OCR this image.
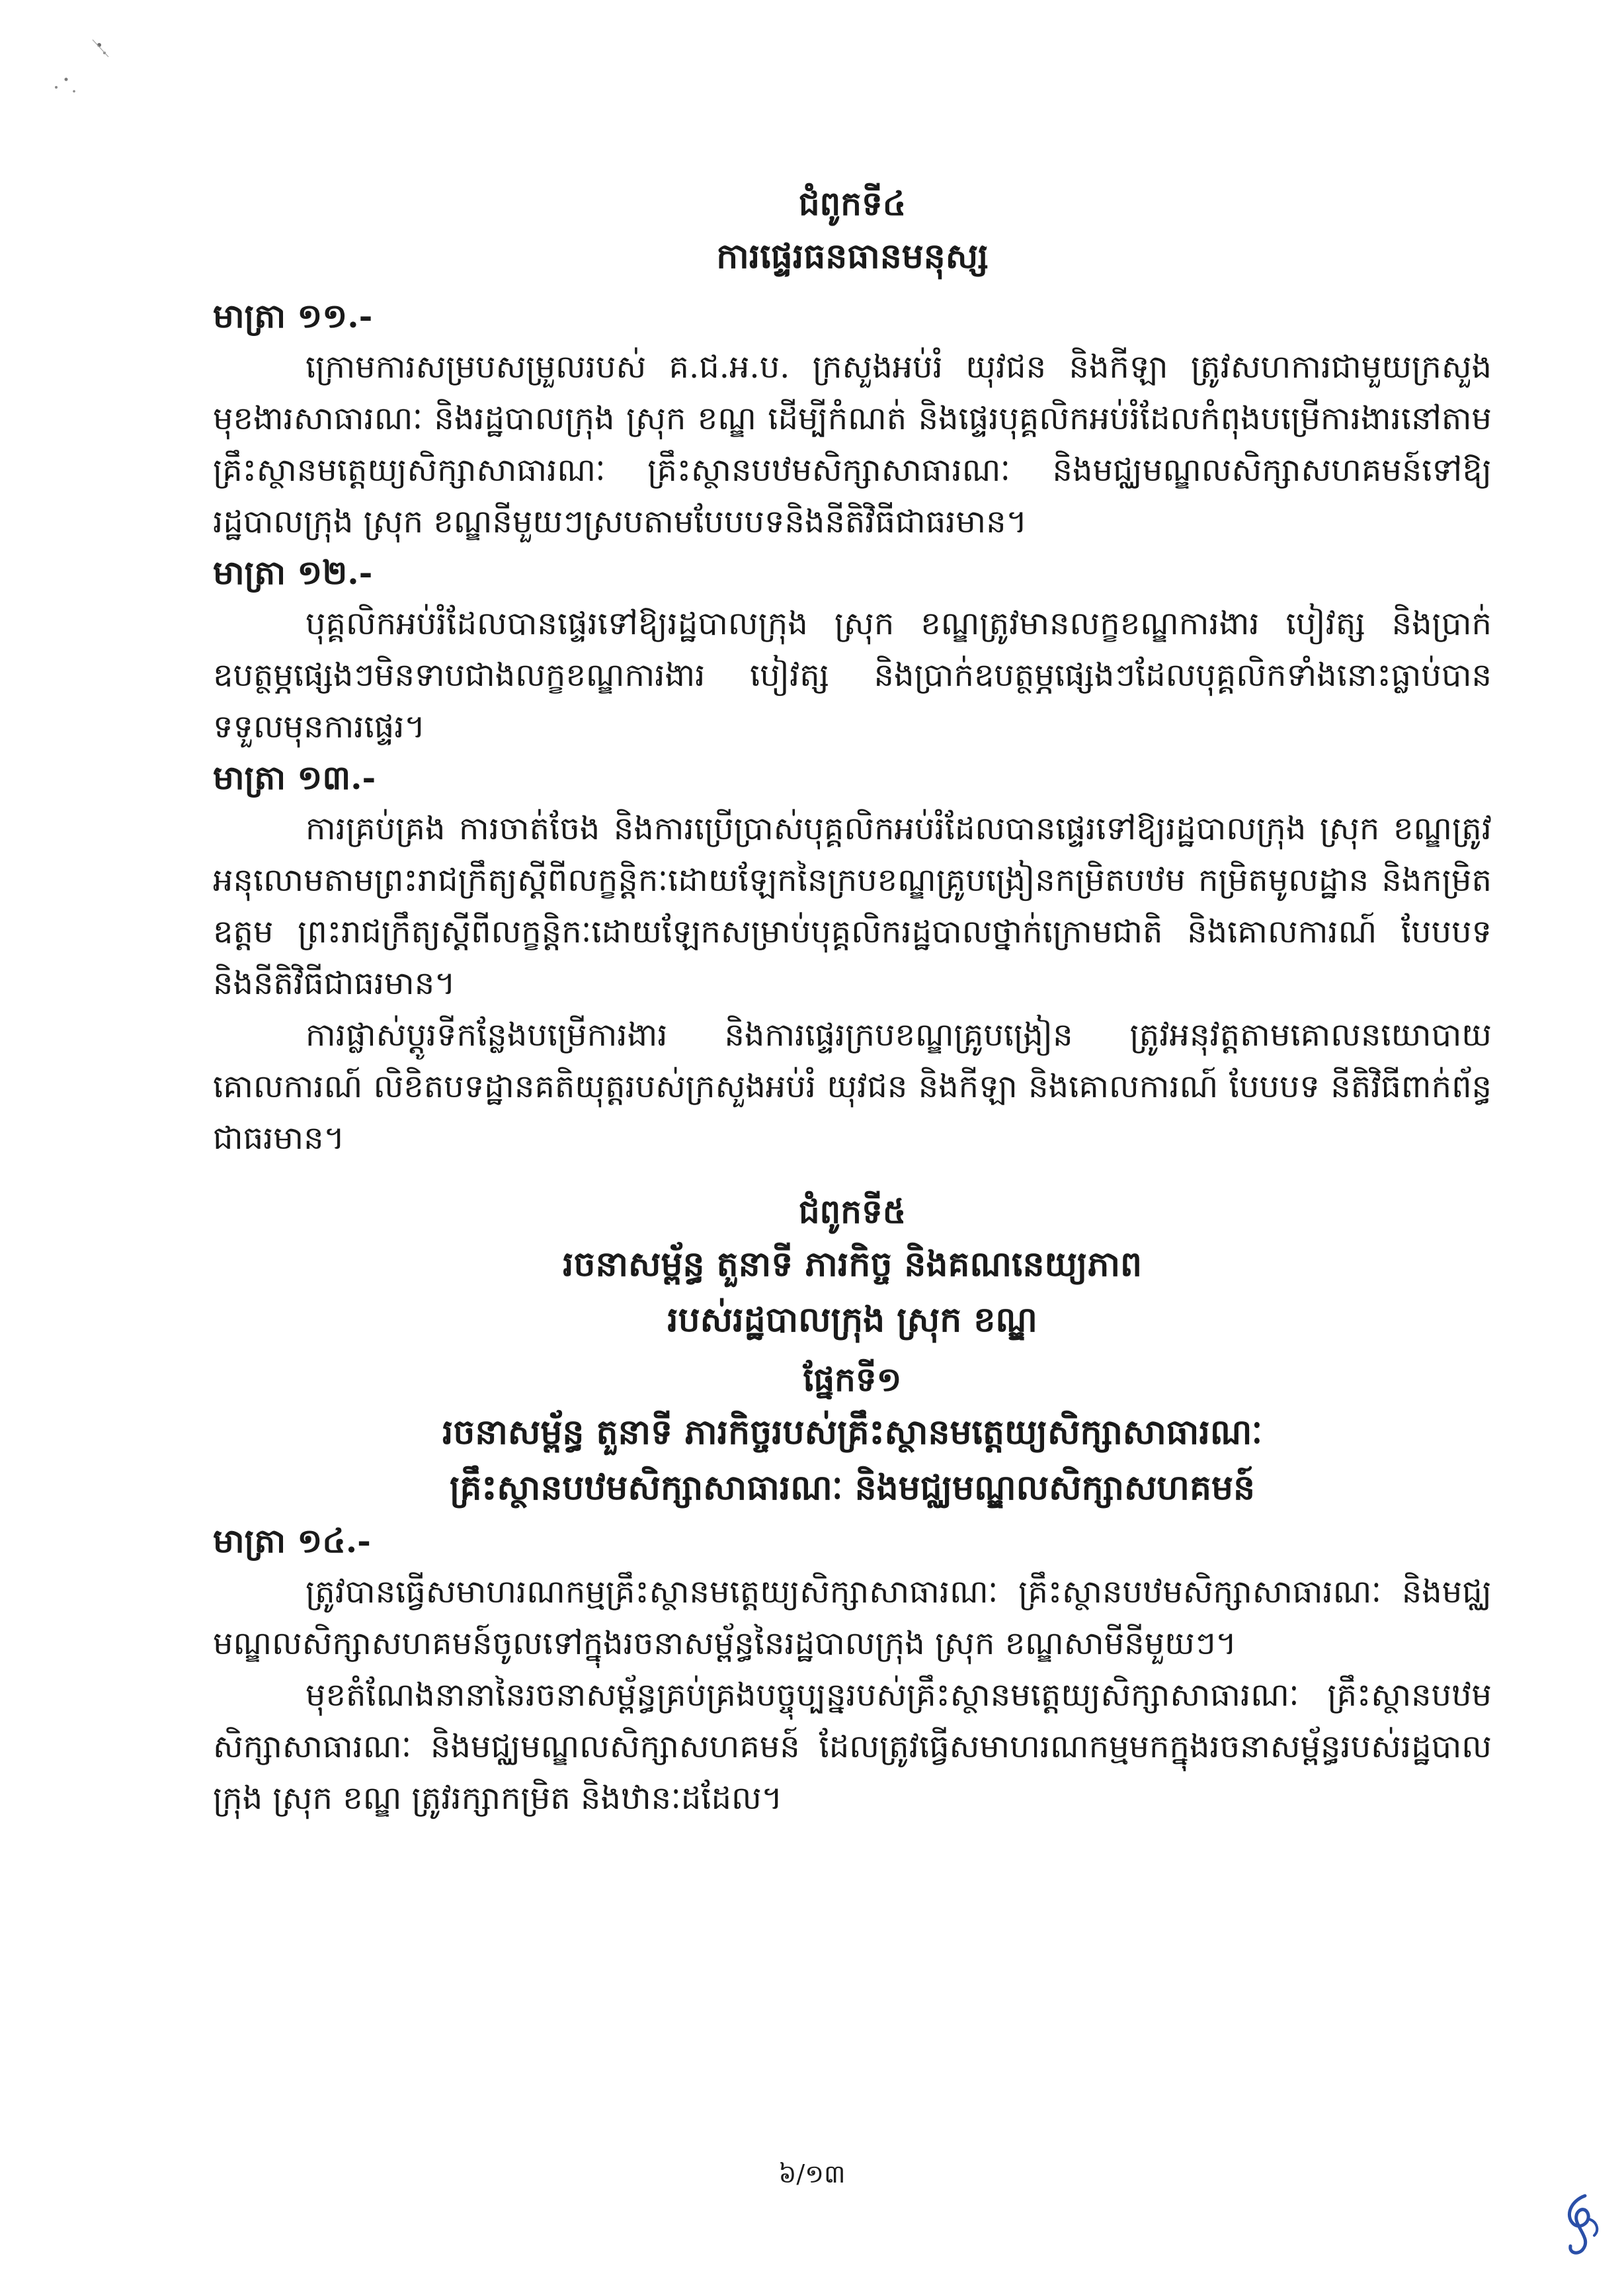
ជំពូកទី៤

ការផ្ទេរធនធានមនុស្ស

មាត្រា ១១.-

ក្រោមការសម្របសម្រួលរបស់ គ.ជ.អ.ប. ក្រសួងអប់រំ យុវជន និងកីឡា ត្រូវសហការជាមួយក្រសួងមុខងារសាធារណៈ និងរដ្ឋបាលក្រុង ស្រុក ខណ្ឌ ដើម្បីកំណត់ និងផ្ទេរបុគ្គលិកអប់រំដែលកំពុងបម្រើការងារនៅតាមគ្រឹះស្ថានមត្តេយ្យសិក្សាសាធារណៈ គ្រឹះស្ថានបឋមសិក្សាសាធារណៈ និងមជ្ឈមណ្ឌលសិក្សាសហគមន៍ទៅឱ្យរដ្ឋបាលក្រុង ស្រុក ខណ្ឌនីមួយៗស្របតាមបែបបទនិងនីតិវិធីជាធរមាន។

មាត្រា ១២.-

បុគ្គលិកអប់រំដែលបានផ្ទេរទៅឱ្យរដ្ឋបាលក្រុង ស្រុក ខណ្ឌត្រូវមានលក្ខខណ្ឌការងារ បៀវត្ស និងប្រាក់ឧបត្ថម្ភផ្សេងៗមិនទាបជាងលក្ខខណ្ឌការងារ បៀវត្ស និងប្រាក់ឧបត្ថម្ភផ្សេងៗដែលបុគ្គលិកទាំងនោះធ្លាប់បានទទួលមុនការផ្ទេរ។

មាត្រា ១៣.-

ការគ្រប់គ្រង ការចាត់ចែង និងការប្រើប្រាស់បុគ្គលិកអប់រំដែលបានផ្ទេរទៅឱ្យរដ្ឋបាលក្រុង ស្រុក ខណ្ឌត្រូវអនុលោមតាមព្រះរាជក្រឹត្យស្ដីពីលក្ខន្តិកៈដោយឡែកនៃក្របខណ្ឌគ្រូបង្រៀនកម្រិតបឋម កម្រិតមូលដ្ឋាន និងកម្រិតឧត្តម ព្រះរាជក្រឹត្យស្ដីពីលក្ខន្តិកៈដោយឡែកសម្រាប់បុគ្គលិករដ្ឋបាលថ្នាក់ក្រោមជាតិ និងគោលការណ៍ បែបបទ និងនីតិវិធីជាធរមាន។

ការផ្លាស់ប្ដូរទីកន្លែងបម្រើការងារ និងការផ្ទេរក្របខណ្ឌគ្រូបង្រៀន ត្រូវអនុវត្តតាមគោលនយោបាយ គោលការណ៍ លិខិតបទដ្ឋានគតិយុត្តរបស់ក្រសួងអប់រំ យុវជន និងកីឡា និងគោលការណ៍ បែបបទ នីតិវិធីពាក់ព័ន្ធជាធរមាន។

ជំពូកទី៥

រចនាសម្ព័ន្ធ តួនាទី ភារកិច្ច និងគណនេយ្យភាព

របស់រដ្ឋបាលក្រុង ស្រុក ខណ្ឌ

ផ្នែកទី១

រចនាសម្ព័ន្ធ តួនាទី ភារកិច្ចរបស់គ្រឹះស្ថានមត្តេយ្យសិក្សាសាធារណៈ

គ្រឹះស្ថានបឋមសិក្សាសាធារណៈ និងមជ្ឈមណ្ឌលសិក្សាសហគមន៍

មាត្រា ១៤.-

ត្រូវបានធ្វើសមាហរណកម្មគ្រឹះស្ថានមត្តេយ្យសិក្សាសាធារណៈ គ្រឹះស្ថានបឋមសិក្សាសាធារណៈ និងមជ្ឈមណ្ឌលសិក្សាសហគមន៍ចូលទៅក្នុងរចនាសម្ព័ន្ធនៃរដ្ឋបាលក្រុង ស្រុក ខណ្ឌសាមីនីមួយៗ។

មុខតំណែងនានានៃរចនាសម្ព័ន្ធគ្រប់គ្រងបច្ចុប្បន្នរបស់គ្រឹះស្ថានមត្តេយ្យសិក្សាសាធារណៈ គ្រឹះស្ថានបឋមសិក្សាសាធារណៈ និងមជ្ឈមណ្ឌលសិក្សាសហគមន៍ ដែលត្រូវធ្វើសមាហរណកម្មមកក្នុងរចនាសម្ព័ន្ធរបស់រដ្ឋបាលក្រុង ស្រុក ខណ្ឌ ត្រូវរក្សាកម្រិត និងឋានៈដដែល។

៦/១៣
